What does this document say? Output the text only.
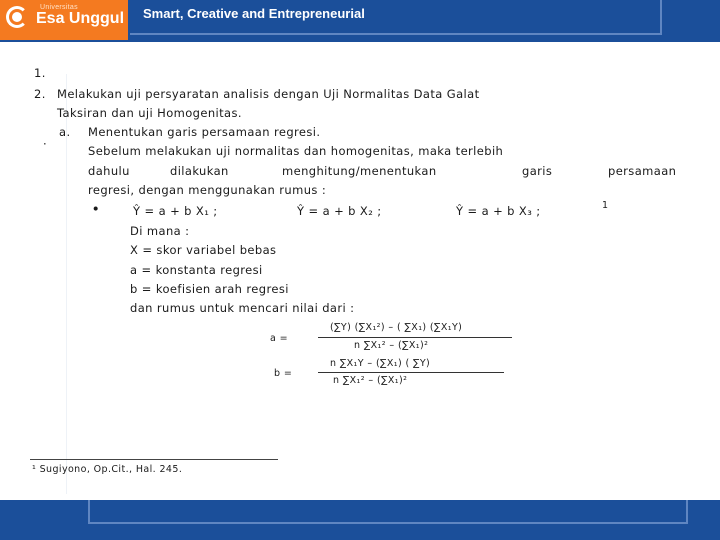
Universitas
Esa Unggul Smart, Creative and Entrepreneurial
1.
2. Melakukan uji persyaratan analisis dengan Uji Normalitas Data Galat
Taksiran dan uji Homogenitas.
a. Menentukan garis persamaan regresi.
·	Sebelum melakukan uji normalitas dan homogenitas, maka terlebih
dahulu	dilakukan	menghitung/menentukan	garis	persamaan
regresi, dengan menggunakan rumus :
•	Ŷ = a + b X₁ ;	Ŷ = a + b X₂ ;	Ŷ = a + b X₃ ;	1
Di mana :
X = skor variabel bebas
a = konstanta regresi
b = koefisien arah regresi
dan rumus untuk mencari nilai dari :
a =
(∑Y) (∑X₁²) – ( ∑X₁) (∑X₁Y)
n ∑X₁² – (∑X₁)²
b =
n ∑X₁Y – (∑X₁) ( ∑Y)
n ∑X₁² – (∑X₁)²
¹ Sugiyono, Op.Cit., Hal. 245.
